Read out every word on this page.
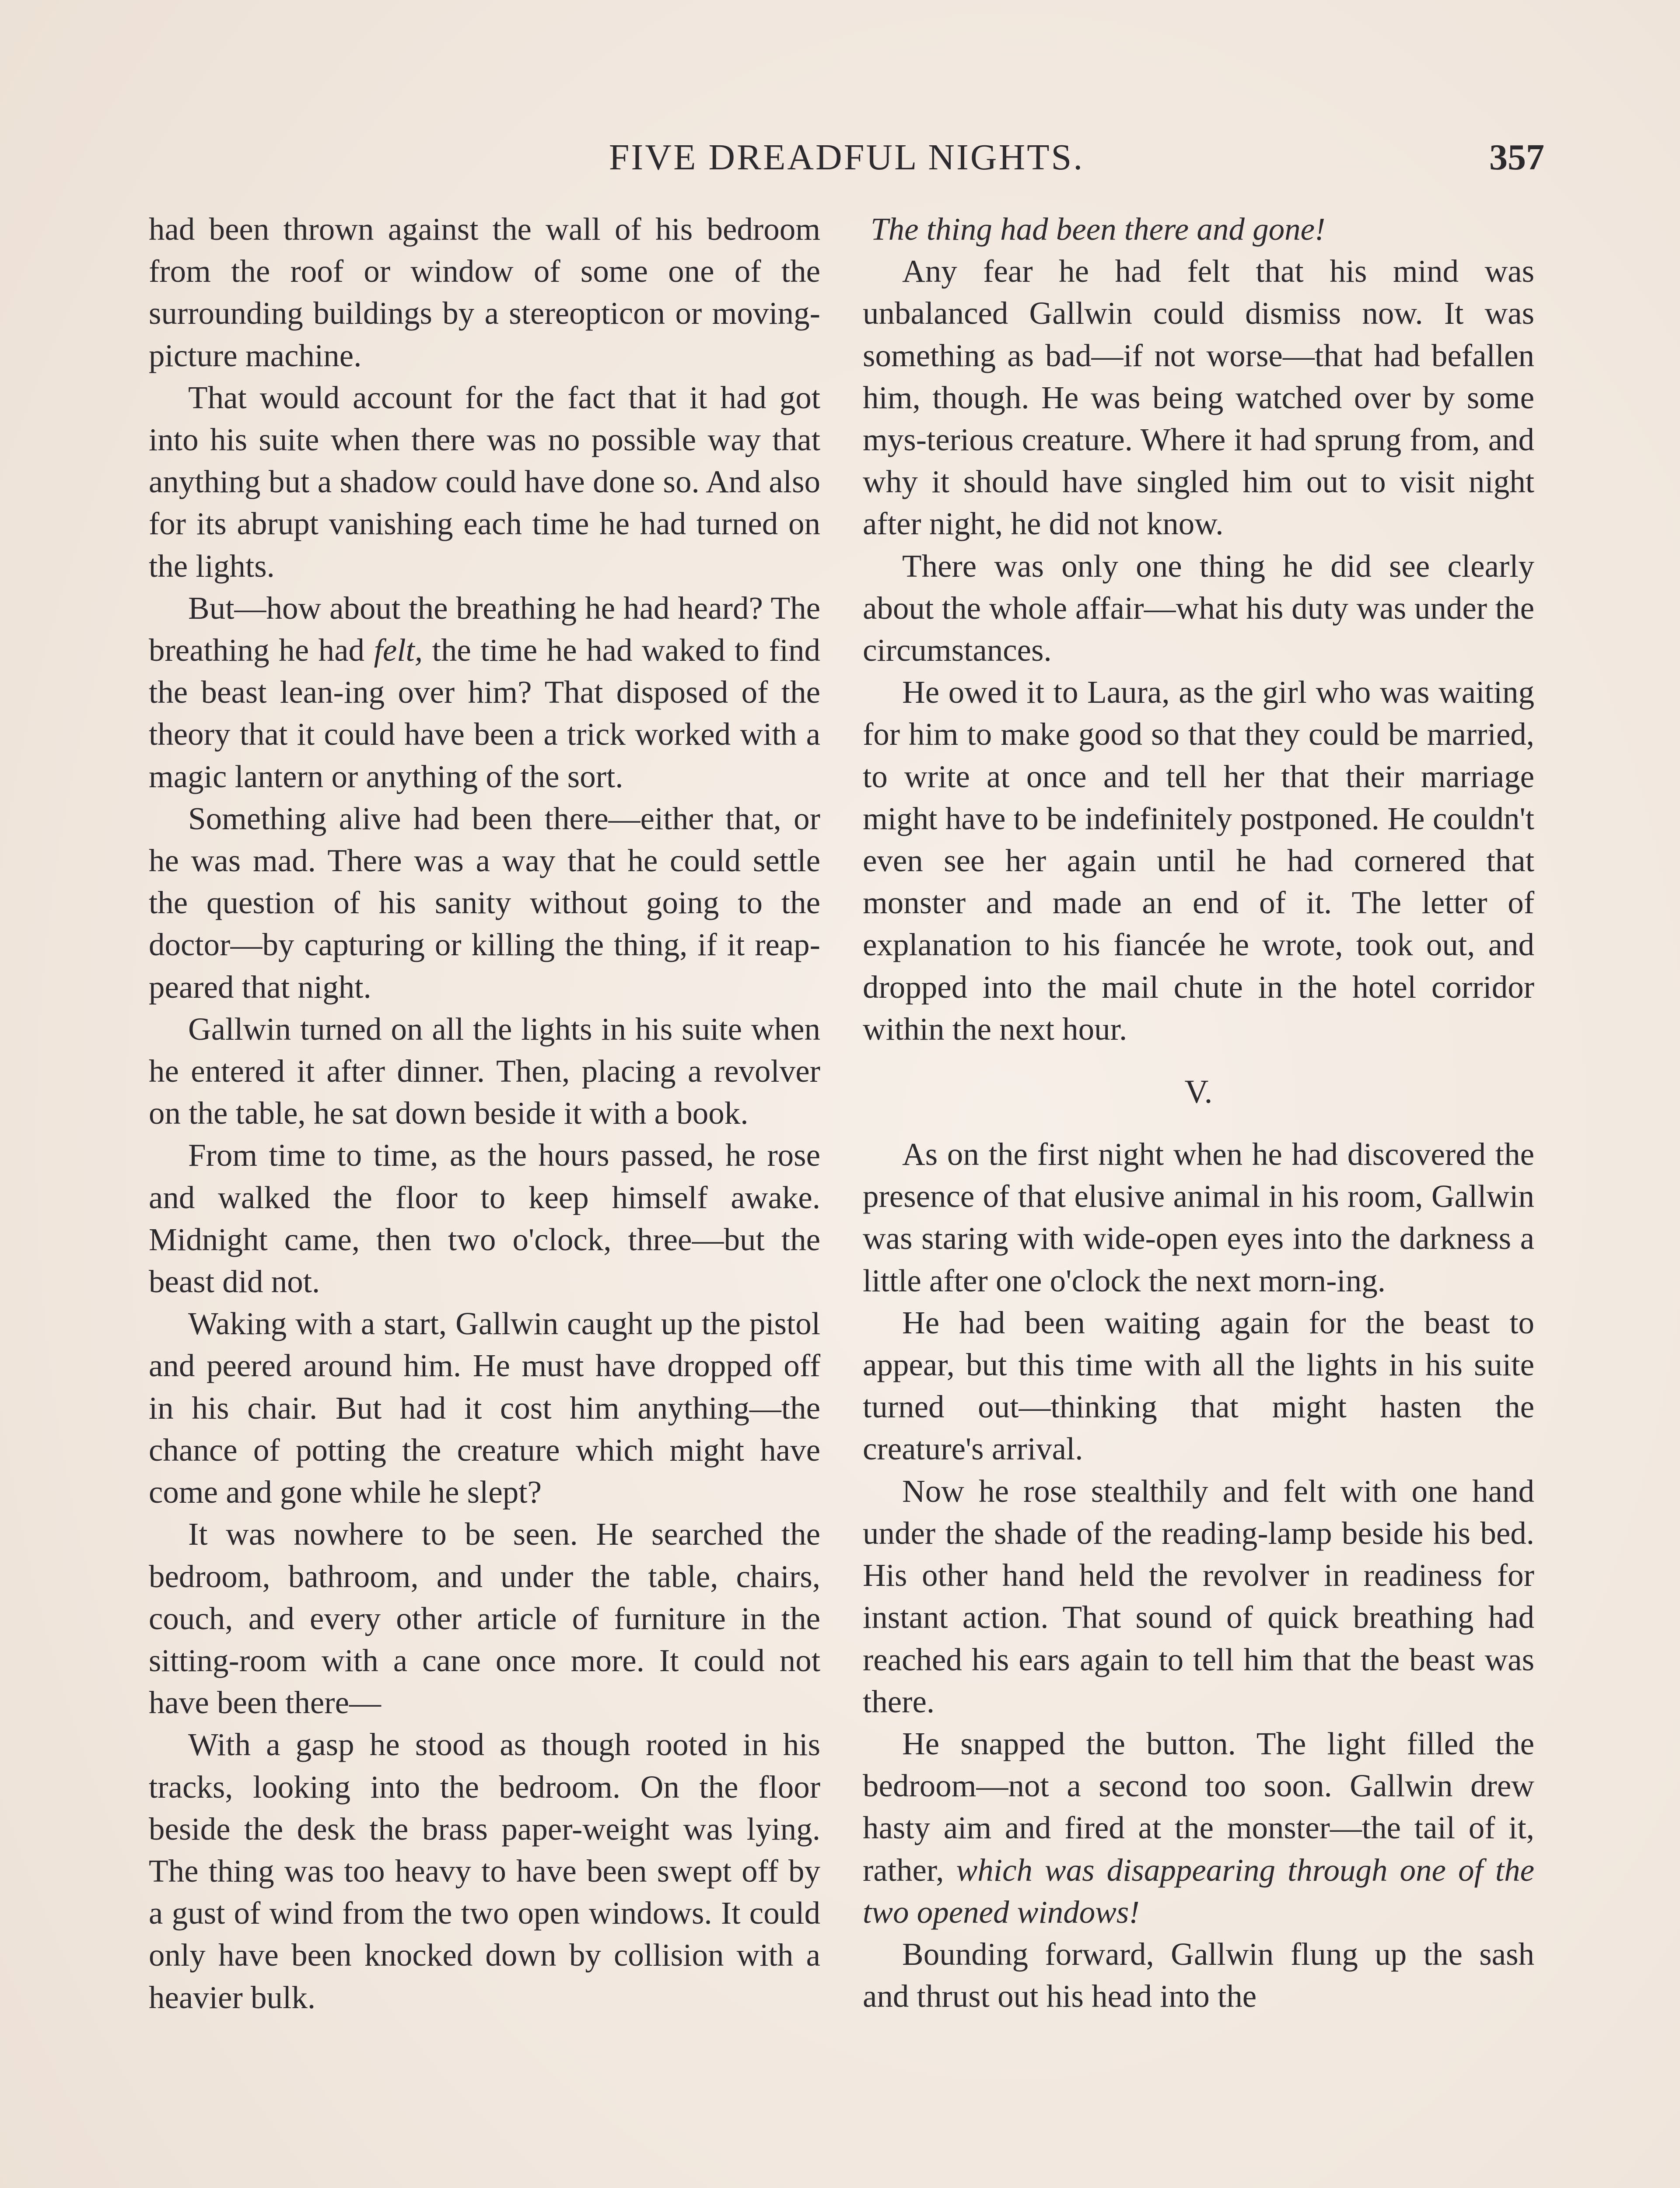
FIVE DREADFUL NIGHTS.	357

had been thrown against the wall of his bedroom from the roof or window of some one of the surrounding buildings by a stereopticon or moving-picture machine.

That would account for the fact that it had got into his suite when there was no possible way that anything but a shadow could have done so. And also for its abrupt vanishing each time he had turned on the lights.

But—how about the breathing he had heard? The breathing he had felt, the time he had waked to find the beast lean-ing over him? That disposed of the theory that it could have been a trick worked with a magic lantern or anything of the sort.

Something alive had been there—either that, or he was mad. There was a way that he could settle the question of his sanity without going to the doctor—by capturing or killing the thing, if it reap-peared that night.

Gallwin turned on all the lights in his suite when he entered it after dinner. Then, placing a revolver on the table, he sat down beside it with a book.

From time to time, as the hours passed, he rose and walked the floor to keep himself awake. Midnight came, then two o'clock, three—but the beast did not.

Waking with a start, Gallwin caught up the pistol and peered around him. He must have dropped off in his chair. But had it cost him anything—the chance of potting the creature which might have come and gone while he slept?

It was nowhere to be seen. He searched the bedroom, bathroom, and under the table, chairs, couch, and every other article of furniture in the sitting-room with a cane once more. It could not have been there—

With a gasp he stood as though rooted in his tracks, looking into the bedroom. On the floor beside the desk the brass paper-weight was lying. The thing was too heavy to have been swept off by a gust of wind from the two open windows. It could only have been knocked down by collision with a heavier bulk.

The thing had been there and gone!

Any fear he had felt that his mind was unbalanced Gallwin could dismiss now. It was something as bad—if not worse—that had befallen him, though. He was being watched over by some mys-terious creature. Where it had sprung from, and why it should have singled him out to visit night after night, he did not know.

There was only one thing he did see clearly about the whole affair—what his duty was under the circumstances.

He owed it to Laura, as the girl who was waiting for him to make good so that they could be married, to write at once and tell her that their marriage might have to be indefinitely postponed. He couldn't even see her again until he had cornered that monster and made an end of it. The letter of explanation to his fiancée he wrote, took out, and dropped into the mail chute in the hotel corridor within the next hour.

V.

As on the first night when he had discovered the presence of that elusive animal in his room, Gallwin was staring with wide-open eyes into the darkness a little after one o'clock the next morn-ing.

He had been waiting again for the beast to appear, but this time with all the lights in his suite turned out—thinking that might hasten the creature's arrival.

Now he rose stealthily and felt with one hand under the shade of the reading-lamp beside his bed. His other hand held the revolver in readiness for instant action. That sound of quick breathing had reached his ears again to tell him that the beast was there.

He snapped the button. The light filled the bedroom—not a second too soon. Gallwin drew hasty aim and fired at the monster—the tail of it, rather, which was disappearing through one of the two opened windows!

Bounding forward, Gallwin flung up the sash and thrust out his head into the
